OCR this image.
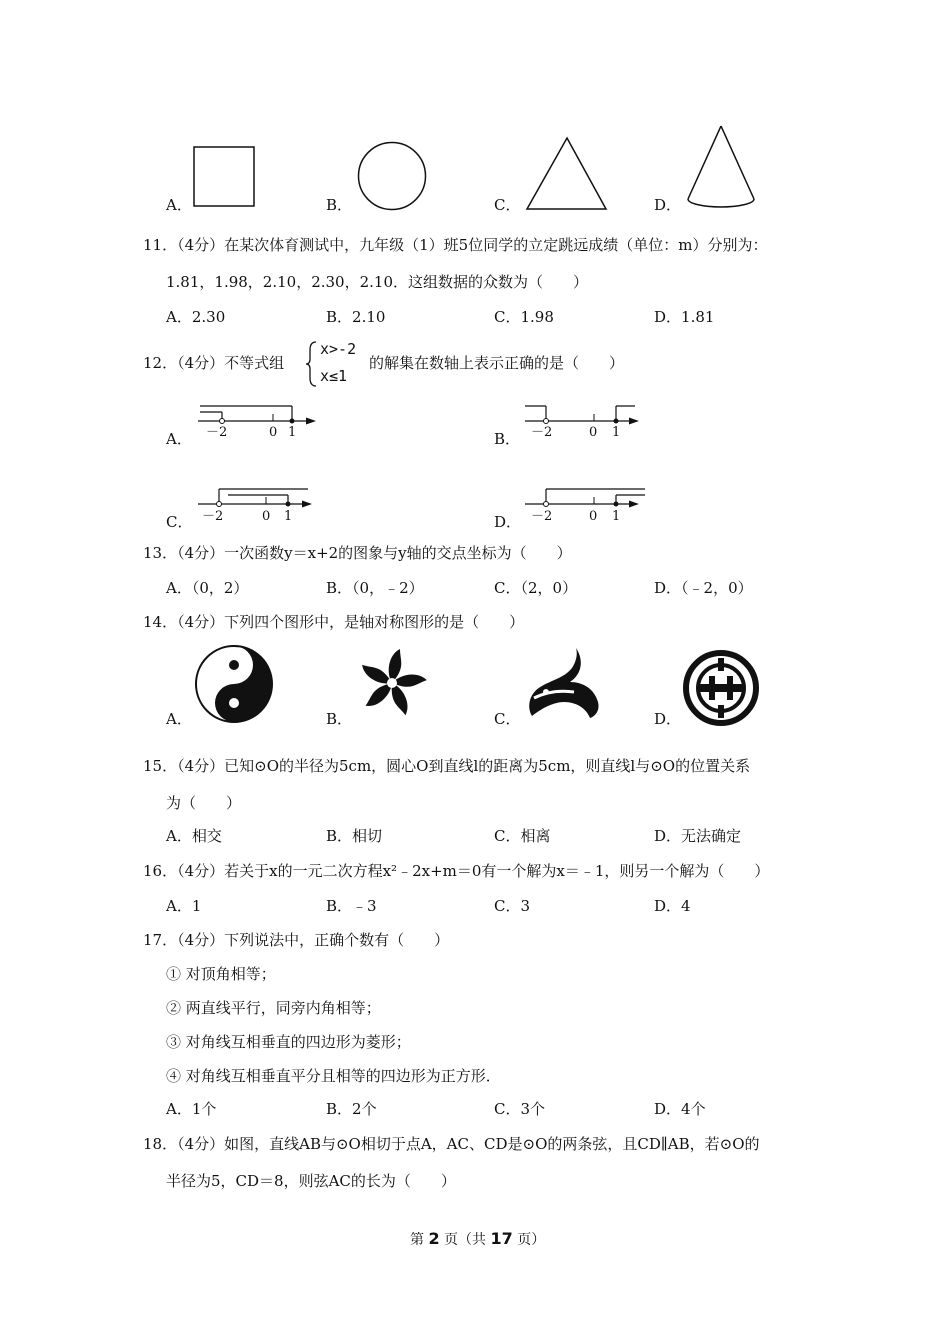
A．	B．	C．	D．
11．（4分）在某次体育测试中，九年级（1）班5位同学的立定跳远成绩（单位：m）分别为：
1.81，1.98，2.10，2.30，2.10．这组数据的众数为（　　）
A．2.30	B．2.10	C．1.98	D．1.81
12．（4分）不等式组
x>-2
x≤1
的解集在数轴上表示正确的是（　　）
A． －2	0 1	B． －2	0 1
C． －2	0 1	D． －2	0 1
13．（4分）一次函数y＝x+2的图象与y轴的交点坐标为（　　）
A．（0，2）	B．（0，﹣2）	C．（2，0）	D．（﹣2，0）
14．（4分）下列四个图形中，是轴对称图形的是（　　）
A．	B．	C．	D．
15．（4分）已知⊙O的半径为5cm，圆心O到直线l的距离为5cm，则直线l与⊙O的位置关系
为（　　）
A．相交	B．相切	C．相离	D．无法确定
16．（4分）若关于x的一元二次方程x²﹣2x+m＝0有一个解为x＝﹣1，则另一个解为（　　）
A．1	B．﹣3	C．3	D．4
17．（4分）下列说法中，正确个数有（　　）
① 对顶角相等；
② 两直线平行，同旁内角相等；
③ 对角线互相垂直的四边形为菱形；
④ 对角线互相垂直平分且相等的四边形为正方形．
A．1个	B．2个	C．3个	D．4个
18．（4分）如图，直线AB与⊙O相切于点A，AC、CD是⊙O的两条弦，且CD∥AB，若⊙O的
半径为5，CD＝8，则弦AC的长为（　　）
第 2 页（共 17 页）
